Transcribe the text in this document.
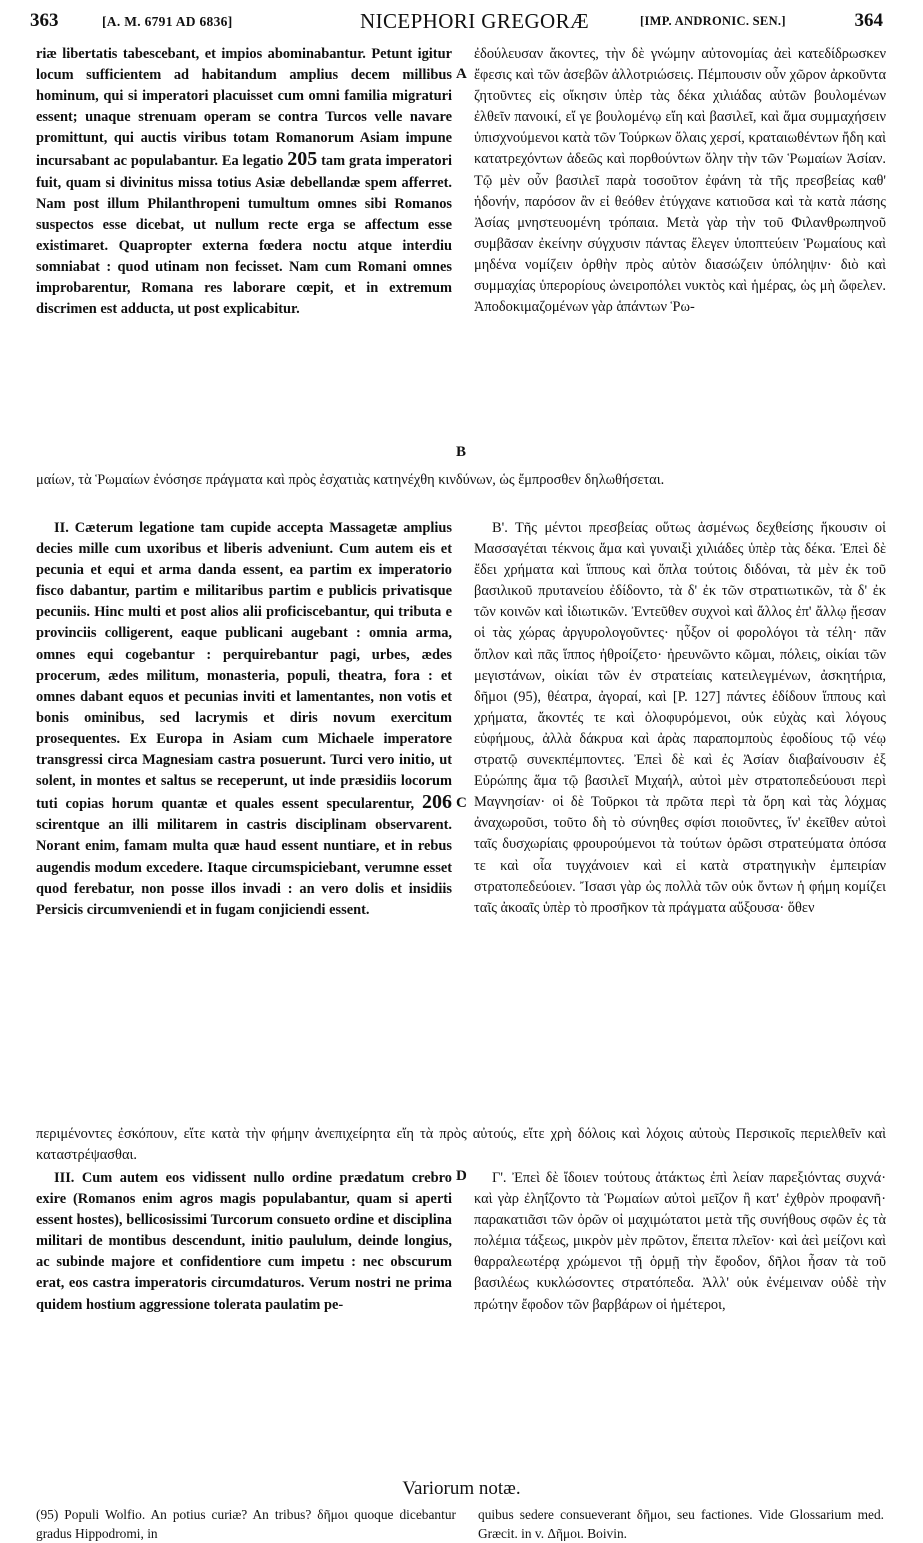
363	[A. M. 6791 AD 6836]	NICEPHORI GREGORÆ	[IMP. ANDRONIC. SEN.]	364
riæ libertatis tabescebant, et impios abominabantur. Petunt igitur locum sufficientem ad habitandum amplius decem millibus hominum, qui si imperatori placuisset cum omni familia migraturi essent; unaque strenuam operam se contra Turcos velle navare promittunt, qui auctis viribus totam Romanorum Asiam impune incursabant ac populabantur. Ea legatio 205 tam grata imperatori fuit, quam si divinitus missa totius Asiæ debellandæ spem afferret. Nam post illum Philanthropeni tumultum omnes sibi Romanos suspectos esse dicebat, ut nullum recte erga se affectum esse existimaret. Quapropter externa fœdera noctu atque interdiu somniabat : quod utinam non fecisset. Nam cum Romani omnes improbarentur, Romana res laborare cœpit, et in extremum discrimen est adducta, ut post explicabitur.
ἐδούλευσαν ἄκοντες, τὴν δὲ γνώμην αὐτονομίας ἀεὶ κατεδίδρωσκεν ἔφεσις καὶ τῶν ἀσεβῶν ἀλλοτριώσεις. Πέμπουσιν οὖν χῶρον ἀρκοῦντα ζητοῦντες εἰς οἴκησιν ὑπὲρ τὰς δέκα χιλιάδας αὐτῶν βουλομένων ἐλθεῖν πανοικί, εἴ γε βουλομένῳ εἴη καὶ βασιλεῖ, καὶ ἅμα συμμαχήσειν ὑπισχνούμενοι κατὰ τῶν Τούρκων ὅλαις χερσί, κραταιωθέντων ἤδη καὶ κατατρεχόντων ἀδεῶς καὶ πορθούντων ὅλην τὴν τῶν Ῥωμαίων Ἀσίαν. Τῷ μὲν οὖν βασιλεῖ παρὰ τοσοῦτον ἐφάνη τὰ τῆς πρεσβείας καθ' ἡδονήν, παρόσον ἂν εἰ θεόθεν ἐτύγχανε κατιοῦσα καὶ τὰ κατὰ πάσης Ἀσίας μνηστευομένη τρόπαια. Μετὰ γὰρ τὴν τοῦ Φιλανθρωπηνοῦ συμβᾶσαν ἐκείνην σύγχυσιν πάντας ἔλεγεν ὑποπτεύειν Ῥωμαίους καὶ μηδένα νομίζειν ὀρθὴν πρὸς αὐτὸν διασώζειν ὑπόληψιν· διὸ καὶ συμμαχίας ὑπερορίους ὠνειροπόλει νυκτὸς καὶ ἡμέρας, ὡς μὴ ὤφελεν. Ἀποδοκιμαζομένων γὰρ ἁπάντων Ῥω-
μαίων, τὰ Ῥωμαίων ἐνόσησε πράγματα καὶ πρὸς ἐσχατιὰς κατηνέχθη κινδύνων, ὡς ἔμπροσθεν δηλωθήσεται.
II. Cæterum legatione tam cupide accepta Massagetæ amplius decies mille cum uxoribus et liberis adveniunt. Cum autem eis et pecunia et equi et arma danda essent, ea partim ex imperatorio fisco dabantur, partim e militaribus partim e publicis privatisque pecuniis. Hinc multi et post alios alii proficiscebantur, qui tributa e provinciis colligerent, eaque publicani augebant : omnia arma, omnes equi cogebantur : perquirebantur pagi, urbes, ædes procerum, ædes militum, monasteria, populi, theatra, fora : et omnes dabant equos et pecunias inviti et lamentantes, non votis et bonis ominibus, sed lacrymis et diris novum exercitum prosequentes. Ex Europa in Asiam cum Michaele imperatore transgressi circa Magnesiam castra posuerunt. Turci vero initio, ut solent, in montes et saltus se receperunt, ut inde præsidiis locorum tuti copias horum quantæ et quales essent specularentur, 206 scirentque an illi militarem in castris disciplinam observarent. Norant enim, famam multa quæ haud essent nuntiare, et in rebus augendis modum excedere. Itaque circumspiciebant, verumne esset quod ferebatur, non posse illos invadi : an vero dolis et insidiis Persicis circumveniendi et in fugam conjiciendi essent.
Β'. Τῆς μέντοι πρεσβείας οὕτως ἀσμένως δεχθείσης ἥκουσιν οἱ Μασσαγέται τέκνοις ἅμα καὶ γυναιξὶ χιλιάδες ὑπὲρ τὰς δέκα. Ἐπεὶ δὲ ἔδει χρήματα καὶ ἵππους καὶ ὅπλα τούτοις διδόναι, τὰ μὲν ἐκ τοῦ βασιλικοῦ πρυτανείου ἐδίδοντο, τὰ δ' ἐκ τῶν στρατιωτικῶν, τὰ δ' ἐκ τῶν κοινῶν καὶ ἰδιωτικῶν. Ἐντεῦθεν συχνοὶ καὶ ἄλλος ἐπ' ἄλλῳ ᾔεσαν οἱ τὰς χώρας ἀργυρολογοῦντες· ηὖξον οἱ φορολόγοι τὰ τέλη· πᾶν ὅπλον καὶ πᾶς ἵππος ἠθροίζετο· ἠρευνῶντο κῶμαι, πόλεις, οἰκίαι τῶν μεγιστάνων, οἰκίαι τῶν ἐν στρατείαις κατειλεγμένων, ἀσκητήρια, δῆμοι (95), θέατρα, ἀγοραί, καὶ [P. 127] πάντες ἐδίδουν ἵππους καὶ χρήματα, ἄκοντές τε καὶ ὀλοφυρόμενοι, οὐκ εὐχὰς καὶ λόγους εὐφήμους, ἀλλὰ δάκρυα καὶ ἀρὰς παραπομποὺς ἐφοδίους τῷ νέῳ στρατῷ συνεκπέμποντες. Ἐπεὶ δὲ καὶ ἐς Ἀσίαν διαβαίνουσιν ἐξ Εὐρώπης ἅμα τῷ βασιλεῖ Μιχαήλ, αὐτοὶ μὲν στρατοπεδεύουσι περὶ Μαγνησίαν· οἱ δὲ Τοῦρκοι τὰ πρῶτα περὶ τὰ ὄρη καὶ τὰς λόχμας ἀναχωροῦσι, τοῦτο δὴ τὸ σύνηθες σφίσι ποιοῦντες, ἵν' ἐκεῖθεν αὐτοὶ ταῖς δυσχωρίαις φρουρούμενοι τὰ τούτων ὁρῶσι στρατεύματα ὁπόσα τε καὶ οἷα τυγχάνοιεν καὶ εἰ κατὰ στρατηγικὴν ἐμπειρίαν στρατοπεδεύοιεν. Ἴσασι γὰρ ὡς πολλὰ τῶν οὐκ ὄντων ἡ φήμη κομίζει ταῖς ἀκοαῖς ὑπὲρ τὸ προσῆκον τὰ πράγματα αὔξουσα· ὅθεν
περιμένοντες ἐσκόπουν, εἴτε κατὰ τὴν φήμην ἀνεπιχείρητα εἴη τὰ πρὸς αὐτούς, εἴτε χρὴ δόλοις καὶ λόχοις αὐτοὺς Περσικοῖς περιελθεῖν καὶ καταστρέψασθαι.
III. Cum autem eos vidissent nullo ordine prædatum crebro exire (Romanos enim agros magis populabantur, quam si aperti essent hostes), bellicosissimi Turcorum consueto ordine et disciplina militari de montibus descendunt, initio paululum, deinde longius, ac subinde majore et confidentiore cum impetu : nec obscurum erat, eos castra imperatoris circumdaturos. Verum nostri ne prima quidem hostium aggressione tolerata paulatim pe-
Γ'. Ἐπεὶ δὲ ἴδοιεν τούτους ἀτάκτως ἐπὶ λείαν παρεξιόντας συχνά· καὶ γὰρ ἐληΐζοντο τὰ Ῥωμαίων αὐτοὶ μεῖζον ἢ κατ' ἐχθρὸν προφανῆ· παρακατιᾶσι τῶν ὀρῶν οἱ μαχιμώτατοι μετὰ τῆς συνήθους σφῶν ἐς τὰ πολέμια τάξεως, μικρὸν μὲν πρῶτον, ἔπειτα πλεῖον· καὶ ἀεὶ μείζονι καὶ θαρραλεωτέρᾳ χρώμενοι τῇ ὁρμῇ τὴν ἔφοδον, δῆλοι ἦσαν τὰ τοῦ βασιλέως κυκλώσοντες στρατόπεδα. Ἀλλ' οὐκ ἐνέμειναν οὐδὲ τὴν πρώτην ἔφοδον τῶν βαρβάρων οἱ ἡμέτεροι,
A
B
C
D
Variorum notæ.
(95) Populi Wolfio. An potius curiæ? An tribus? δῆμοι quoque dicebantur gradus Hippodromi, in
quibus sedere consueverant δῆμοι, seu factiones. Vide Glossarium med. Græcit. in v. Δῆμοι. Boivin.
